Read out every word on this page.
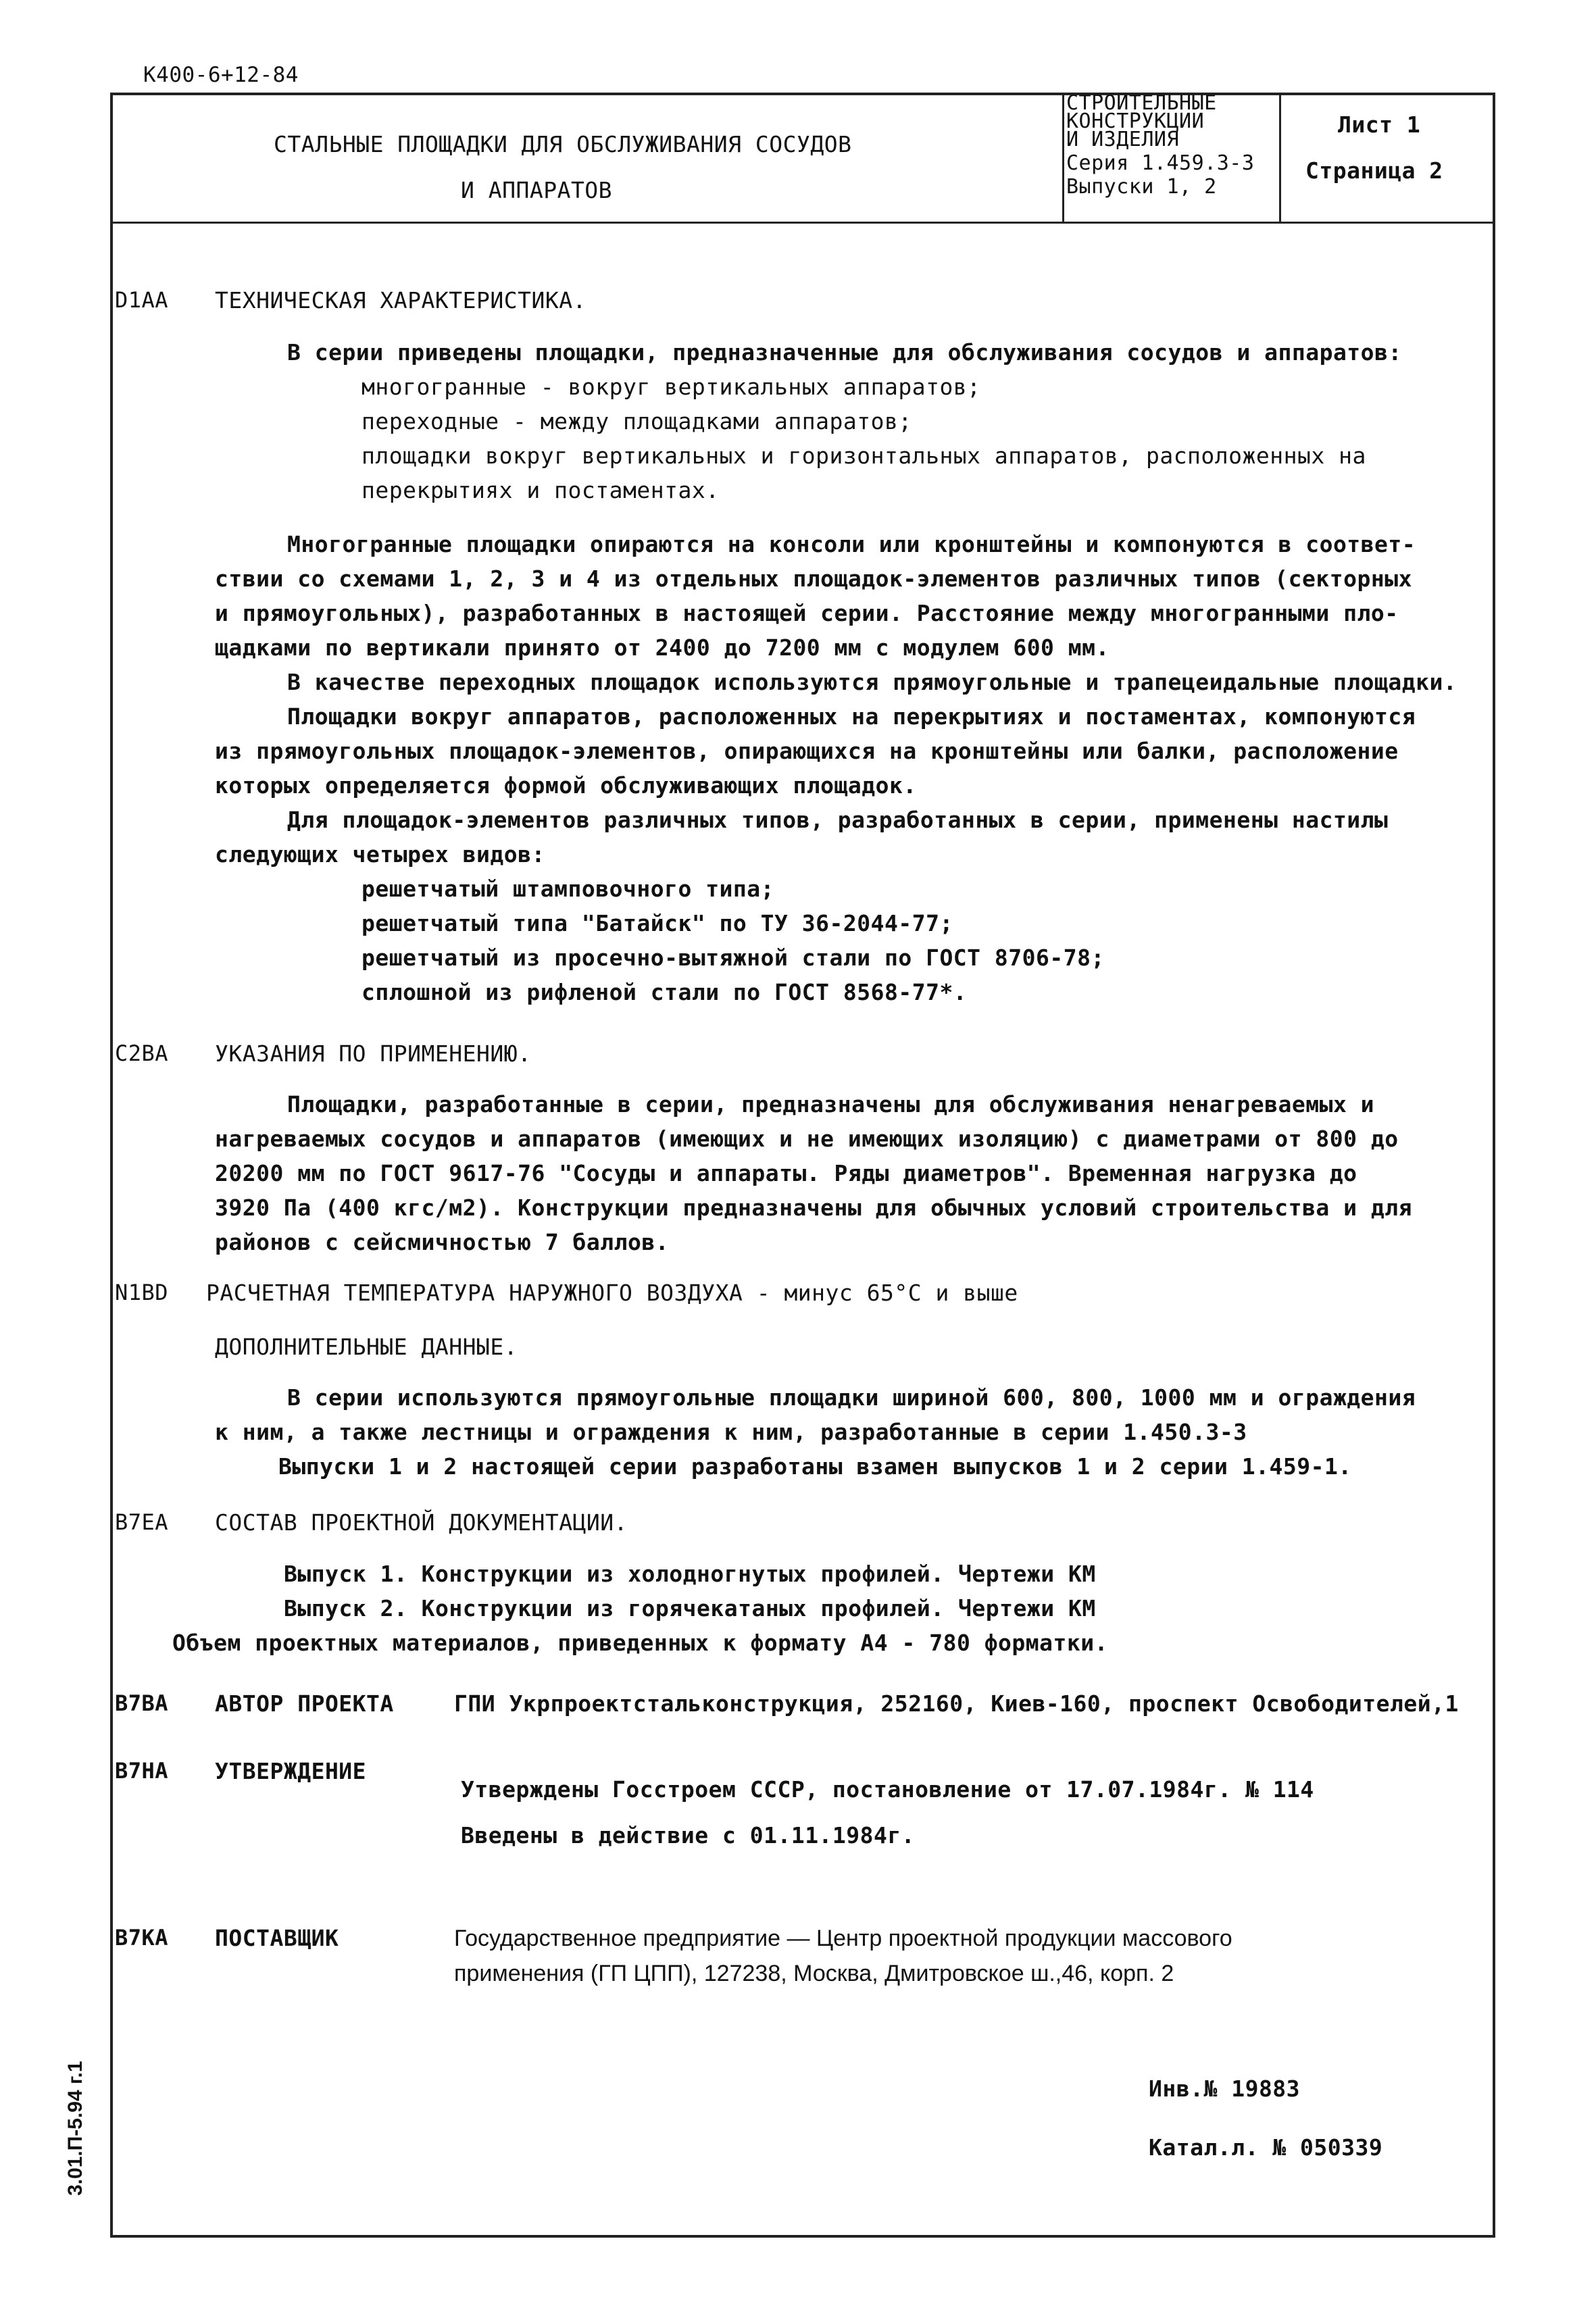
К400-6+12-84
СТАЛЬНЫЕ ПЛОЩАДКИ ДЛЯ ОБСЛУЖИВАНИЯ СОСУДОВ
И АППАРАТОВ
СТРОИТЕЛЬНЫЕ
КОНСТРУКЦИИ
И ИЗДЕЛИЯ
Серия 1.459.3-3
Выпуски 1, 2
Лист 1
Страница 2
D1AA ТЕХНИЧЕСКАЯ ХАРАКТЕРИСТИКА.
В серии приведены площадки, предназначенные для обслуживания сосудов и аппаратов:
многогранные - вокруг вертикальных аппаратов;
переходные - между площадками аппаратов;
площадки вокруг вертикальных и горизонтальных аппаратов, расположенных на
перекрытиях и постаментах.
Многогранные площадки опираются на консоли или кронштейны и компонуются в соответ-
ствии со схемами 1, 2, 3 и 4 из отдельных площадок-элементов различных типов (секторных
и прямоугольных), разработанных в настоящей серии. Расстояние между многогранными пло-
щадками по вертикали принято от 2400 до 7200 мм с модулем 600 мм.
В качестве переходных площадок используются прямоугольные и трапецеидальные площадки.
Площадки вокруг аппаратов, расположенных на перекрытиях и постаментах, компонуются
из прямоугольных площадок-элементов, опирающихся на кронштейны или балки, расположение
которых определяется формой обслуживающих площадок.
Для площадок-элементов различных типов, разработанных в серии, применены настилы
следующих четырех видов:
решетчатый штамповочного типа;
решетчатый типа "Батайск" по ТУ 36-2044-77;
решетчатый из просечно-вытяжной стали по ГОСТ 8706-78;
сплошной из рифленой стали по ГОСТ 8568-77*.
C2BA УКАЗАНИЯ ПО ПРИМЕНЕНИЮ.
Площадки, разработанные в серии, предназначены для обслуживания ненагреваемых и
нагреваемых сосудов и аппаратов (имеющих и не имеющих изоляцию) с диаметрами от 800 до
20200 мм по ГОСТ 9617-76 "Сосуды и аппараты. Ряды диаметров". Временная нагрузка до
3920 Па (400 кгс/м2). Конструкции предназначены для обычных условий строительства и для
районов с сейсмичностью 7 баллов.
N1BD РАСЧЕТНАЯ ТЕМПЕРАТУРА НАРУЖНОГО ВОЗДУХА - минус 65°С и выше
ДОПОЛНИТЕЛЬНЫЕ ДАННЫЕ.
В серии используются прямоугольные площадки шириной 600, 800, 1000 мм и ограждения
к ним, а также лестницы и ограждения к ним, разработанные в серии 1.450.3-3
Выпуски 1 и 2 настоящей серии разработаны взамен выпусков 1 и 2 серии 1.459-1.
B7EA СОСТАВ ПРОЕКТНОЙ ДОКУМЕНТАЦИИ.
Выпуск 1. Конструкции из холодногнутых профилей. Чертежи КМ
Выпуск 2. Конструкции из горячекатаных профилей. Чертежи КМ
Объем проектных материалов, приведенных к формату А4 - 780 форматки.
B7BA АВТОР ПРОЕКТА	ГПИ Укрпроектстальконструкция, 252160, Киев-160, проспект Освободителей,1
B7HA УТВЕРЖДЕНИЕ
Утверждены Госстроем СССР, постановление от 17.07.1984г. № 114
Введены в действие с 01.11.1984г.
B7KA ПОСТАВЩИК	Государственное предприятие — Центр проектной продукции массового
применения (ГП ЦПП), 127238, Москва, Дмитровское ш.,46, корп. 2
Инв.№ 19883
Катал.л. № 050339
3.01.П-5.94 г.1
